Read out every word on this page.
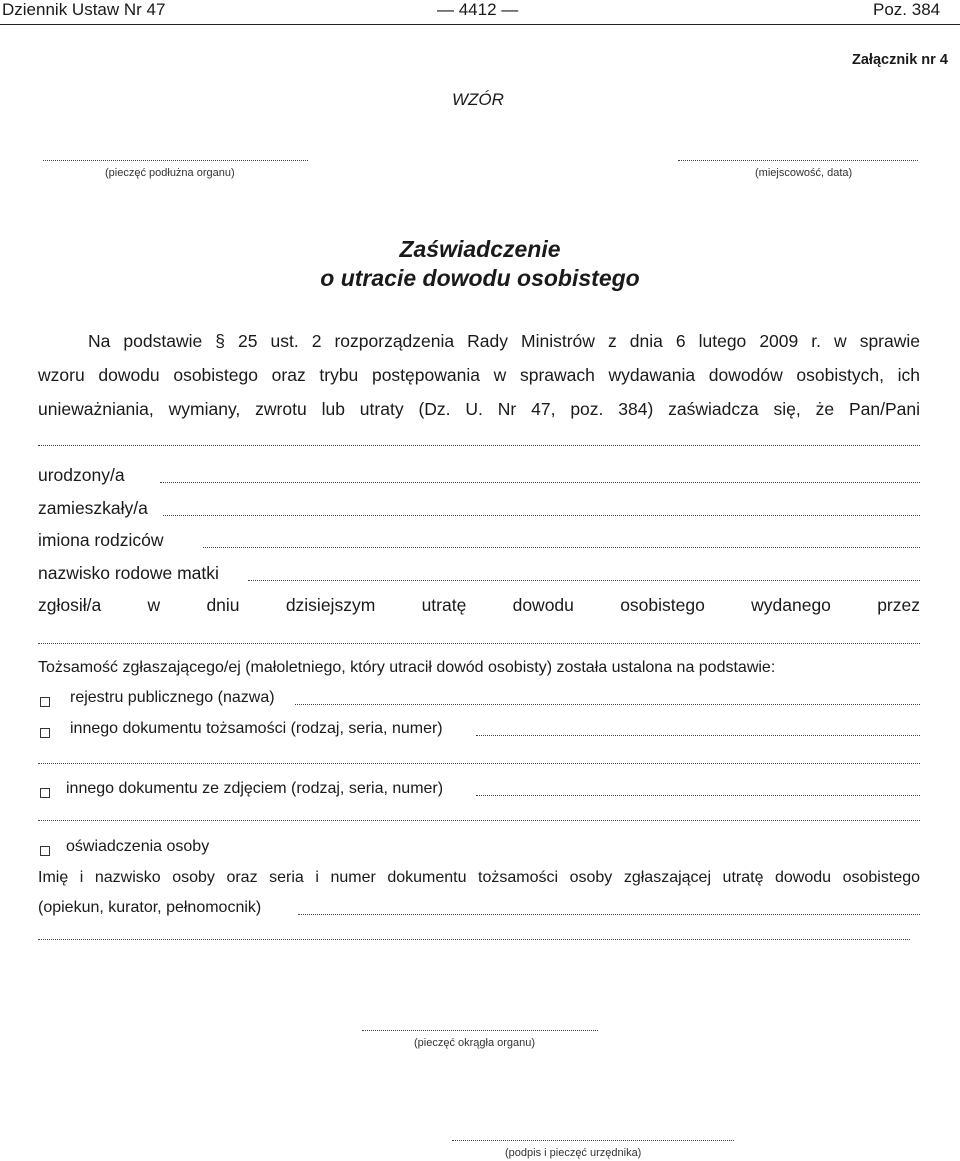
Dziennik Ustaw Nr 47	— 4412 —	Poz. 384
Załącznik nr 4
WZÓR
(pieczęć podłużna organu)	(miejscowość, data)
Zaświadczenie
o utracie dowodu osobistego
Na podstawie § 25 ust. 2 rozporządzenia Rady Ministrów z dnia 6 lutego 2009 r. w sprawie
wzoru dowodu osobistego oraz trybu postępowania w sprawach wydawania dowodów osobistych, ich
unieważniania, wymiany, zwrotu lub utraty (Dz. U. Nr 47, poz. 384) zaświadcza się, że Pan/Pani
urodzony/a
zamieszkały/a
imiona rodziców
nazwisko rodowe matki
zgłosił/a	w	dniu	dzisiejszym	utratę	dowodu	osobistego	wydanego	przez
Tożsamość zgłaszającego/ej (małoletniego, który utracił dowód osobisty) została ustalona na podstawie:
rejestru publicznego (nazwa)
innego dokumentu tożsamości (rodzaj, seria, numer)
innego dokumentu ze zdjęciem (rodzaj, seria, numer)
oświadczenia osoby
Imię i nazwisko osoby oraz seria i numer dokumentu tożsamości osoby zgłaszającej utratę dowodu osobistego
(opiekun, kurator, pełnomocnik)
(pieczęć okrągła organu)
(podpis i pieczęć urzędnika)
